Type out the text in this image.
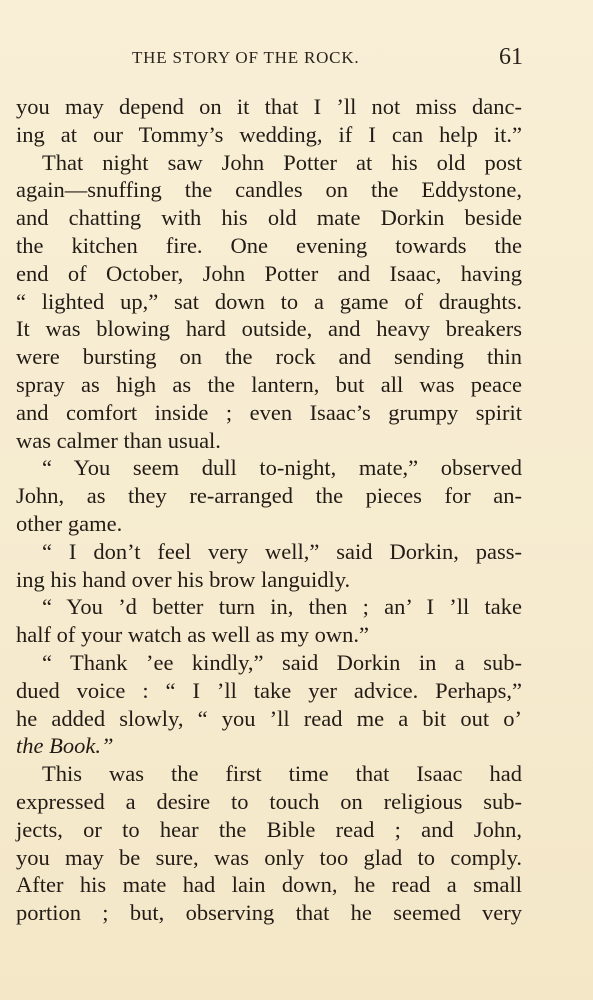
THE STORY OF THE ROCK.	61
you may depend on it that I ’ll not miss danc-
ing at our Tommy’s wedding, if I can help it.”
That night saw John Potter at his old post
again—snuffing the candles on the Eddystone,
and chatting with his old mate Dorkin beside
the kitchen fire. One evening towards the
end of October, John Potter and Isaac, having
“ lighted up,” sat down to a game of draughts.
It was blowing hard outside, and heavy breakers
were bursting on the rock and sending thin
spray as high as the lantern, but all was peace
and comfort inside ; even Isaac’s grumpy spirit
was calmer than usual.
“ You seem dull to-night, mate,” observed
John, as they re-arranged the pieces for an-
other game.
“ I don’t feel very well,” said Dorkin, pass-
ing his hand over his brow languidly.
“ You ’d better turn in, then ; an’ I ’ll take
half of your watch as well as my own.”
“ Thank ’ee kindly,” said Dorkin in a sub-
dued voice : “ I ’ll take yer advice. Perhaps,”
he added slowly, “ you ’ll read me a bit out o’
the Book.”
This was the first time that Isaac had
expressed a desire to touch on religious sub-
jects, or to hear the Bible read ; and John,
you may be sure, was only too glad to comply.
After his mate had lain down, he read a small
portion ; but, observing that he seemed very
